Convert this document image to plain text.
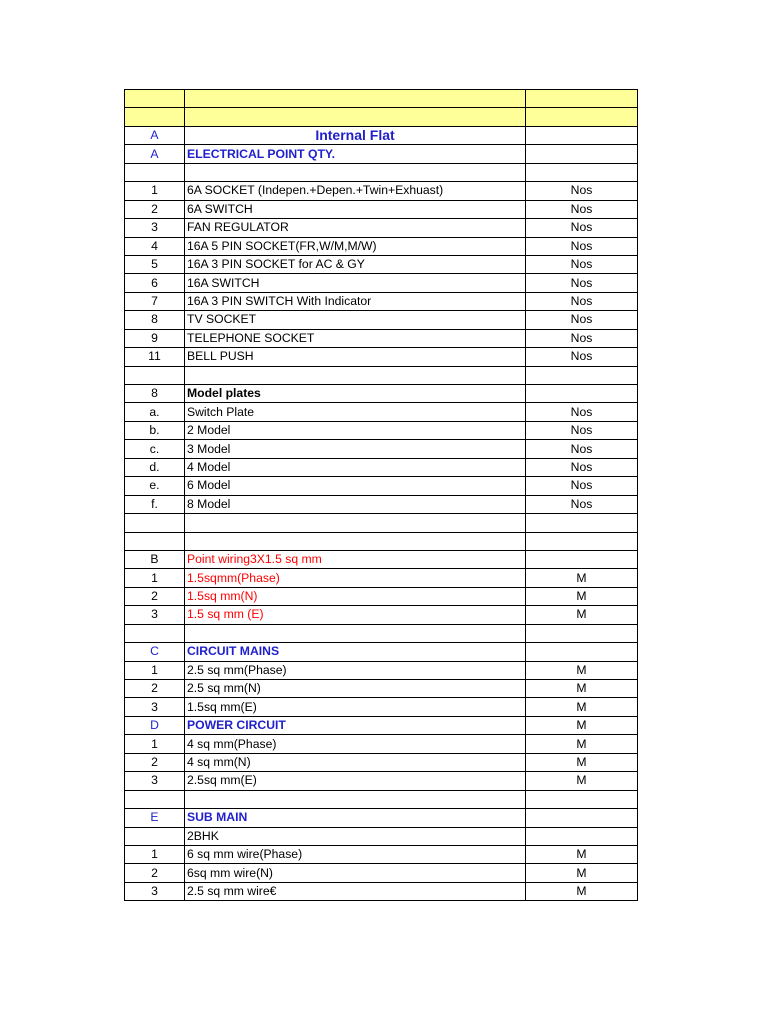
A	Internal Flat	
A	ELECTRICAL POINT QTY.	

1	6A SOCKET (Indepen.+Depen.+Twin+Exhuast)	Nos
2	6A SWITCH	Nos
3	FAN REGULATOR	Nos
4	16A 5 PIN SOCKET(FR,W/M,M/W)	Nos
5	16A 3 PIN SOCKET for AC & GY	Nos
6	16A SWITCH	Nos
7	16A 3 PIN SWITCH With Indicator	Nos
8	TV SOCKET	Nos
9	TELEPHONE SOCKET	Nos
11	BELL PUSH	Nos

8	Model plates	
a.	Switch Plate	Nos
b.	2 Model	Nos
c.	3 Model	Nos
d.	4 Model	Nos
e.	6 Model	Nos
f.	8 Model	Nos

B	Point wiring3X1.5 sq mm	
1	1.5sqmm(Phase)	M
2	1.5sq mm(N)	M
3	1.5 sq mm (E)	M

C	CIRCUIT MAINS	
1	2.5 sq mm(Phase)	M
2	2.5 sq mm(N)	M
3	1.5sq mm(E)	M
D	POWER CIRCUIT	M
1	4 sq mm(Phase)	M
2	4 sq mm(N)	M
3	2.5sq mm(E)	M

E	SUB MAIN	
	2BHK	
1	6 sq mm wire(Phase)	M
2	6sq mm wire(N)	M
3	2.5 sq mm wire€	M
